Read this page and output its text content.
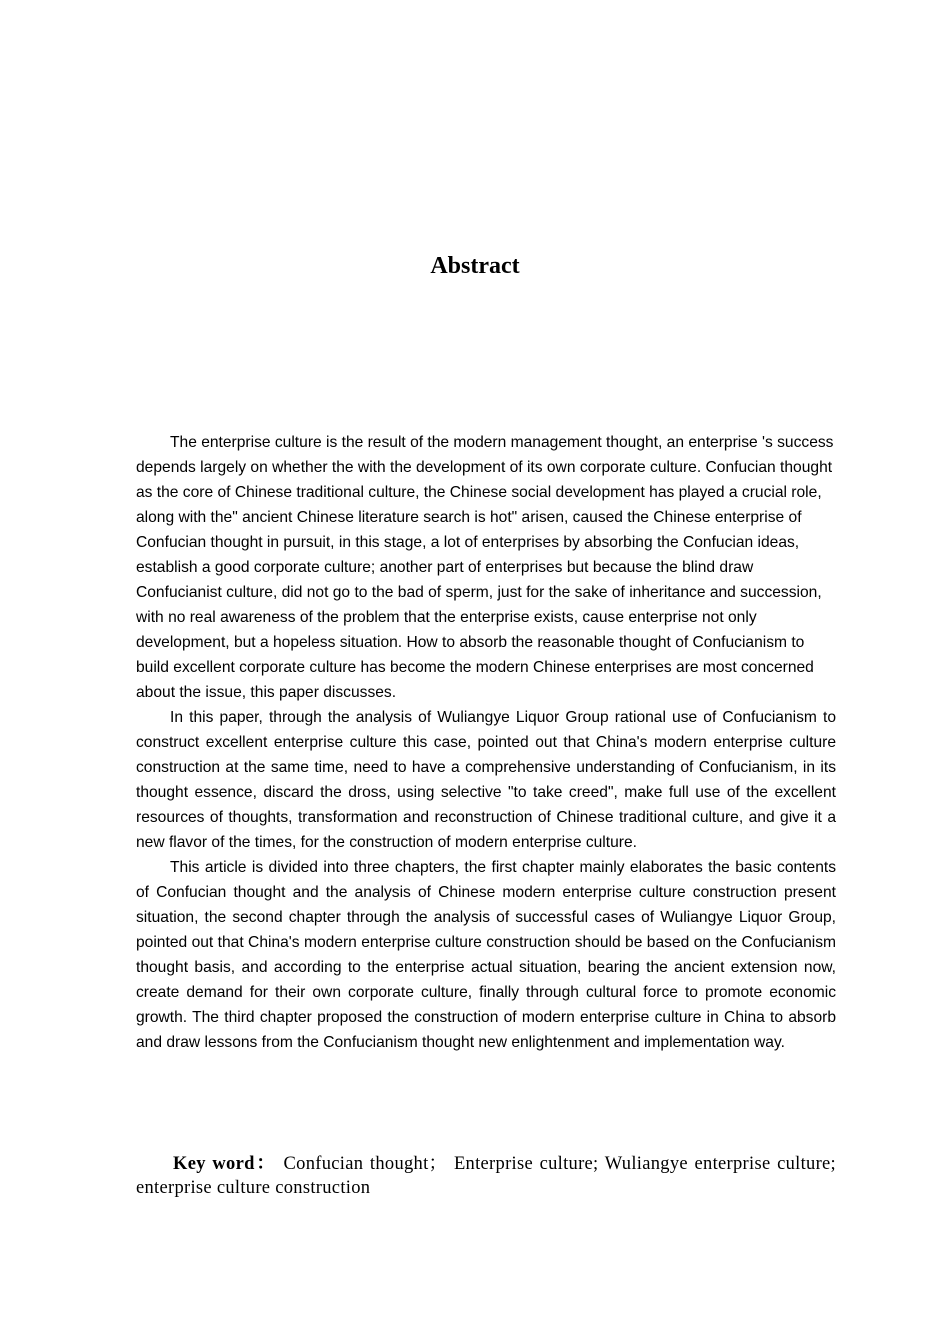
Abstract

The enterprise culture is the result of the modern management thought, an enterprise 's success depends largely on whether the with the development of its own corporate culture. Confucian thought as the core of Chinese traditional culture, the Chinese social development has played a crucial role, along with the" ancient Chinese literature search is hot" arisen, caused the Chinese enterprise of Confucian thought in pursuit, in this stage, a lot of enterprises by absorbing the Confucian ideas, establish a good corporate culture; another part of enterprises but because the blind draw Confucianist culture, did not go to the bad of sperm, just for the sake of inheritance and succession, with no real awareness of the problem that the enterprise exists, cause enterprise not only development, but a hopeless situation. How to absorb the reasonable thought of Confucianism to build excellent corporate culture has become the modern Chinese enterprises are most concerned about the issue, this paper discusses.

In this paper, through the analysis of Wuliangye Liquor Group rational use of Confucianism to construct excellent enterprise culture this case, pointed out that China's modern enterprise culture construction at the same time, need to have a comprehensive understanding of Confucianism, in its thought essence, discard the dross, using selective "to take creed", make full use of the excellent resources of thoughts, transformation and reconstruction of Chinese traditional culture, and give it a new flavor of the times, for the construction of modern enterprise culture.

This article is divided into three chapters, the first chapter mainly elaborates the basic contents of Confucian thought and the analysis of Chinese modern enterprise culture construction present situation, the second chapter through the analysis of successful cases of Wuliangye Liquor Group, pointed out that China's modern enterprise culture construction should be based on the Confucianism thought basis, and according to the enterprise actual situation, bearing the ancient extension now, create demand for their own corporate culture, finally through cultural force to promote economic growth. The third chapter proposed the construction of modern enterprise culture in China to absorb and draw lessons from the Confucianism thought new enlightenment and implementation way.

Key word： Confucian thought； Enterprise culture; Wuliangye enterprise culture; enterprise culture construction
